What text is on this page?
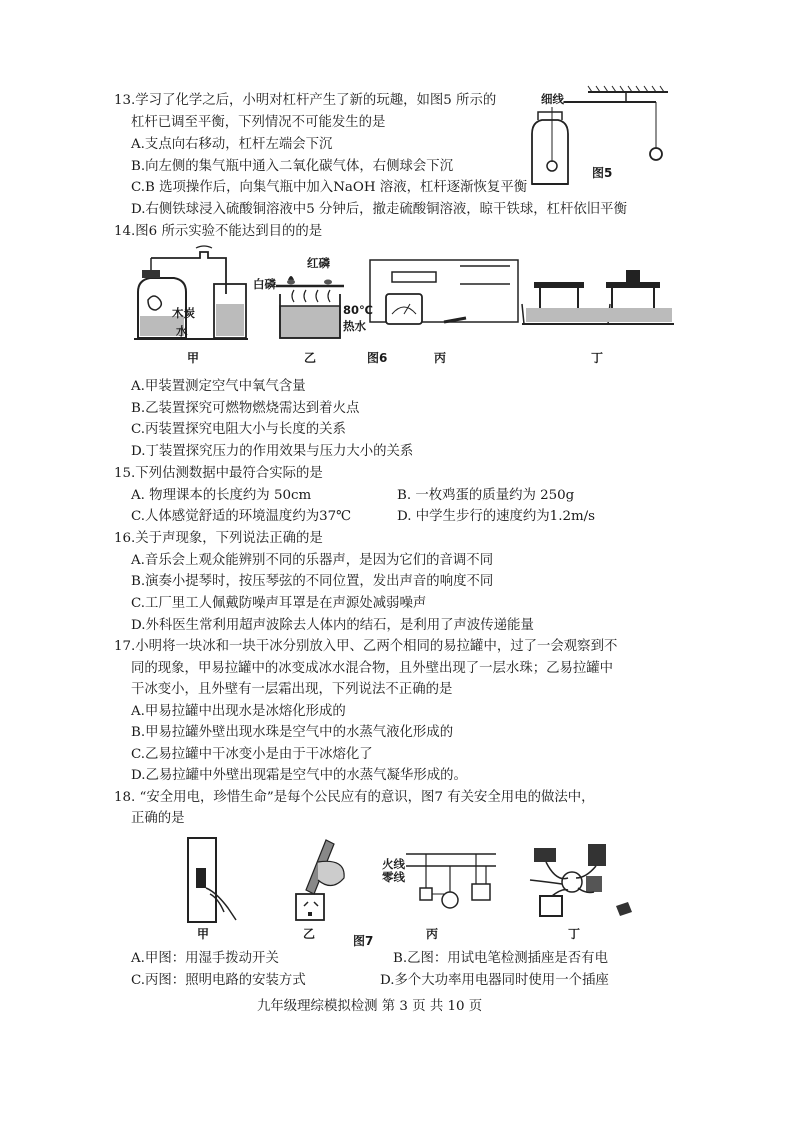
13.学习了化学之后，小明对杠杆产生了新的玩趣，如图5 所示的
杠杆已调至平衡，下列情况不可能发生的是
A.支点向右移动，杠杆左端会下沉
B.向左侧的集气瓶中通入二氧化碳气体，右侧球会下沉
C.B 选项操作后，向集气瓶中加入NaOH 溶液，杠杆逐渐恢复平衡
D.右侧铁球浸入硫酸铜溶液中5 分钟后，撤走硫酸铜溶液，晾干铁球，杠杆依旧平衡
细线
图5
14.图6 所示实验不能达到目的的是
木炭
水
白磷
红磷
80℃
热水
甲	乙	图6	丙	丁
A.甲装置测定空气中氧气含量
B.乙装置探究可燃物燃烧需达到着火点
C.丙装置探究电阻大小与长度的关系
D.丁装置探究压力的作用效果与压力大小的关系
15.下列估测数据中最符合实际的是
A. 物理课本的长度约为 50cm	B. 一枚鸡蛋的质量约为 250g
C.人体感觉舒适的环境温度约为37℃	D. 中学生步行的速度约为1.2m/s
16.关于声现象，下列说法正确的是
A.音乐会上观众能辨别不同的乐器声，是因为它们的音调不同
B.演奏小提琴时，按压琴弦的不同位置，发出声音的响度不同
C.工厂里工人佩戴防噪声耳罩是在声源处减弱噪声
D.外科医生常利用超声波除去人体内的结石，是利用了声波传递能量
17.小明将一块冰和一块干冰分别放入甲、乙两个相同的易拉罐中，过了一会观察到不
同的现象，甲易拉罐中的冰变成冰水混合物，且外壁出现了一层水珠；乙易拉罐中
干冰变小，且外壁有一层霜出现，下列说法不正确的是
A.甲易拉罐中出现水是冰熔化形成的
B.甲易拉罐外壁出现水珠是空气中的水蒸气液化形成的
C.乙易拉罐中干冰变小是由于干冰熔化了
D.乙易拉罐中外壁出现霜是空气中的水蒸气凝华形成的。
18. “安全用电，珍惜生命”是每个公民应有的意识，图7 有关安全用电的做法中，
正确的是
火线
零线
甲	乙	图7	丙	丁
A.甲图：用湿手拨动开关	B.乙图：用试电笔检测插座是否有电
C.丙图：照明电路的安装方式	D.多个大功率用电器同时使用一个插座
九年级理综模拟检测 第 3 页 共 10 页
